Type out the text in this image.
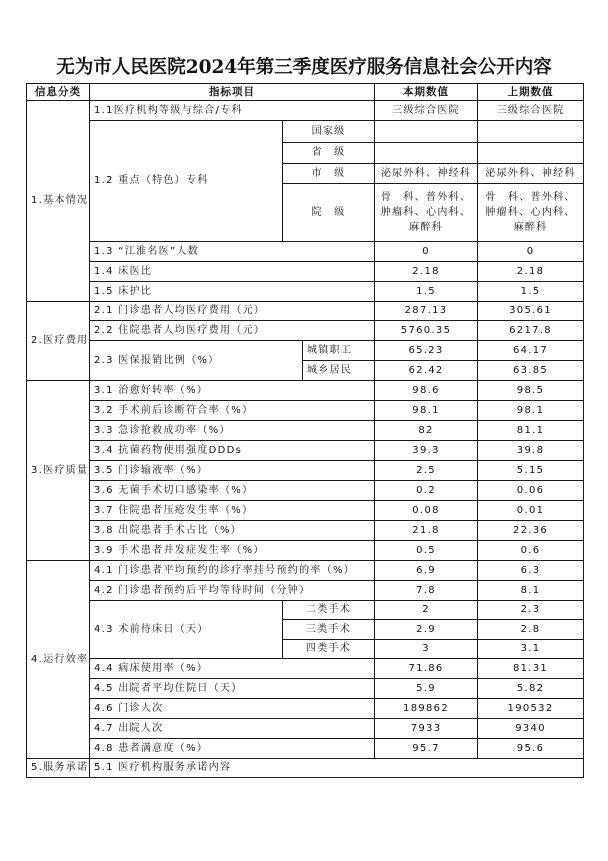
无为市人民医院2024年第三季度医疗服务信息社会公开内容
信息分类	指标项目			本期数值	上期数值
1.基本情况	1.1医疗机构等级与综合/专科			三级综合医院	三级综合医院
	1.2 重点（特色）专科	国家级			
		省　级			
		市　级		泌尿外科、神经科	泌尿外科、神经科
		院　级		骨　科、普外科、肿瘤科、心内科、麻醉科	骨　科、普外科、肿瘤科、心内科、麻醉科
	1.3 “江淮名医”人数			0	0
	1.4 床医比			2.18	2.18
	1.5 床护比			1.5	1.5
2.医疗费用	2.1 门诊患者人均医疗费用（元）			287.13	305.61
	2.2 住院患者人均医疗费用（元）			5760.35	6217.8
	2.3 医保报销比例（%）		城镇职工	65.23	64.17
			城乡居民	62.42	63.85
3.医疗质量	3.1 治愈好转率（%）			98.6	98.5
	3.2 手术前后诊断符合率（%）			98.1	98.1
	3.3 急诊抢救成功率（%）			82	81.1
	3.4 抗菌药物使用强度DDDs			39.3	39.8
	3.5 门诊输液率（%）			2.5	5.15
	3.6 无菌手术切口感染率（%）			0.2	0.06
	3.7 住院患者压疮发生率（%）			0.08	0.01
	3.8 出院患者手术占比（%）			21.8	22.36
	3.9 手术患者并发症发生率（%）			0.5	0.6
4.运行效率	4.1 门诊患者平均预约的诊疗率挂号预约的率（%）			6.9	6.3
	4.2 门诊患者预约后平均等待时间（分钟）			7.8	8.1
	4.3 术前待床日（天）	二类手术		2	2.3
		三类手术		2.9	2.8
		四类手术		3	3.1
	4.4 病床使用率（%）			71.86	81.31
	4.5 出院者平均住院日（天）			5.9	5.82
	4.6 门诊人次			189862	190532
	4.7 出院人次			7933	9340
	4.8 患者满意度（%）			95.7	95.6
5.服务承诺	5.1 医疗机构服务承诺内容				
